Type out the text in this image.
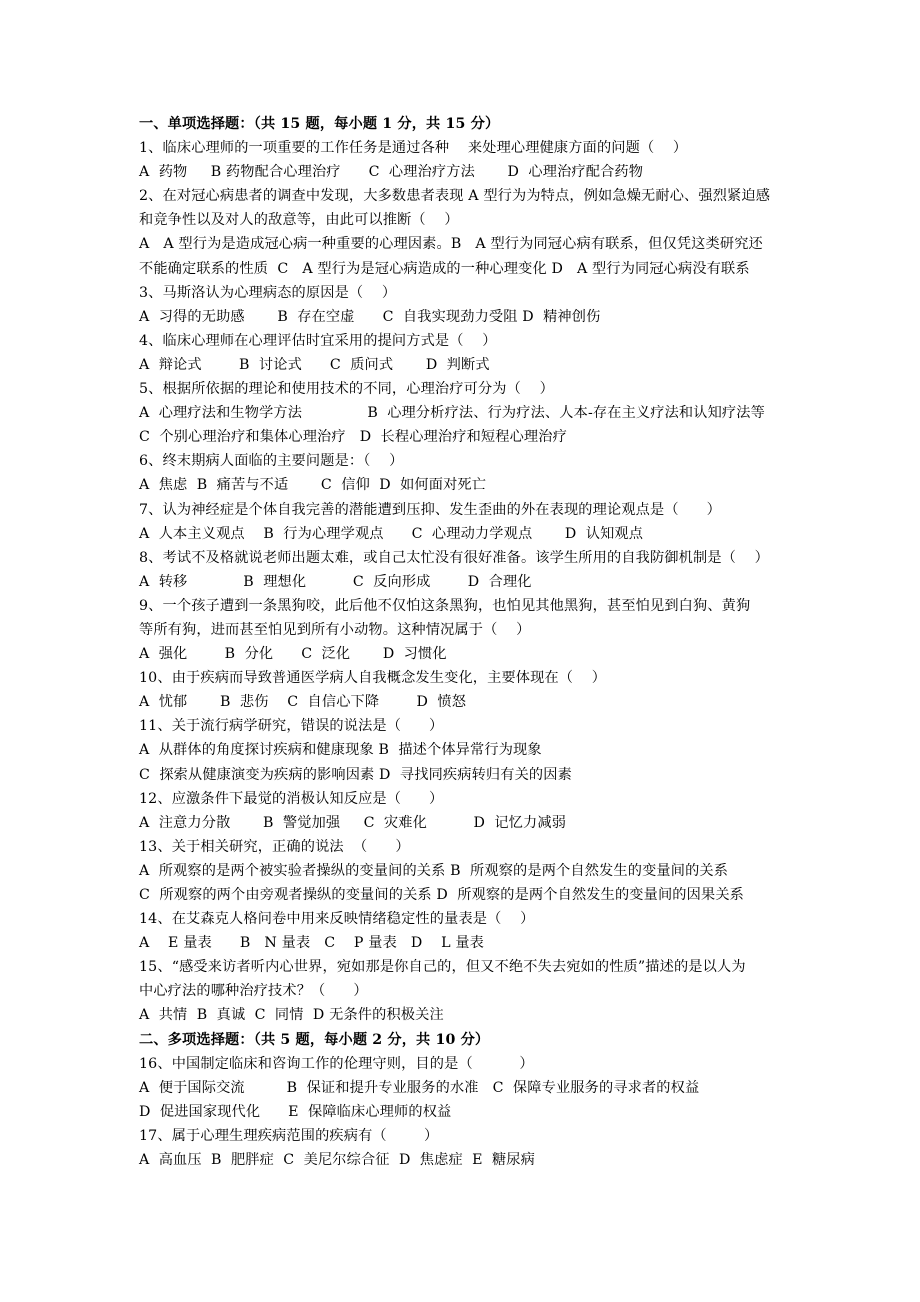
一、单项选择题：（共 15 题，每小题 1 分，共 15 分）
1、临床心理师的一项重要的工作任务是通过各种    来处理心理健康方面的问题（    ）
A  药物     B 药物配合心理治疗      C  心理治疗方法       D  心理治疗配合药物
2、在对冠心病患者的调查中发现，大多数患者表现 A 型行为为特点，例如急燥无耐心、强烈紧迫感
和竞争性以及对人的敌意等，由此可以推断（    ）
A   A 型行为是造成冠心病一种重要的心理因素。B   A 型行为同冠心病有联系，但仅凭这类研究还
不能确定联系的性质  C   A 型行为是冠心病造成的一种心理变化 D   A 型行为同冠心病没有联系
3、马斯洛认为心理病态的原因是（    ）
A  习得的无助感       B  存在空虚      C  自我实现劲力受阻 D  精神创伤
4、临床心理师在心理评估时宜采用的提问方式是（    ）
A  辩论式        B  讨论式      C  质问式       D  判断式
5、根据所依据的理论和使用技术的不同，心理治疗可分为（    ）
A  心理疗法和生物学方法              B  心理分析疗法、行为疗法、人本-存在主义疗法和认知疗法等
C  个别心理治疗和集体心理治疗   D  长程心理治疗和短程心理治疗
6、终末期病人面临的主要问题是：（    ）
A  焦虑  B  痛苦与不适       C  信仰  D  如何面对死亡
7、认为神经症是个体自我完善的潜能遭到压抑、发生歪曲的外在表现的理论观点是（      ）
A  人本主义观点    B  行为心理学观点      C  心理动力学观点       D  认知观点
8、考试不及格就说老师出题太难，或自己太忙没有很好准备。该学生所用的自我防御机制是（    ）
A  转移            B  理想化          C  反向形成        D  合理化
9、一个孩子遭到一条黑狗咬，此后他不仅怕这条黑狗，也怕见其他黑狗，甚至怕见到白狗、黄狗
等所有狗，进而甚至怕见到所有小动物。这种情况属于（    ）
A  强化        B  分化      C  泛化       D  习惯化
10、由于疾病而导致普通医学病人自我概念发生变化，主要体现在（    ）
A  忧郁       B  悲伤    C  自信心下降        D  愤怒
11、关于流行病学研究，错误的说法是（      ）
A  从群体的角度探讨疾病和健康现象 B  描述个体异常行为现象
C  探索从健康演变为疾病的影响因素 D  寻找同疾病转归有关的因素
12、应激条件下最觉的消极认知反应是（      ）
A  注意力分散       B  警觉加强     C  灾难化          D  记忆力减弱
13、关于相关研究，正确的说法  （      ）
A  所观察的是两个被实验者操纵的变量间的关系 B  所观察的是两个自然发生的变量间的关系
C  所观察的两个由旁观者操纵的变量间的关系 D  所观察的是两个自然发生的变量间的因果关系
14、在艾森克人格问卷中用来反映情绪稳定性的量表是（    ）
A    E 量表      B   N 量表   C    P 量表   D    L 量表
15、“感受来访者听内心世界，宛如那是你自己的，但又不绝不失去宛如的性质”描述的是以人为
中心疗法的哪种治疗技术？（      ）
A  共情  B  真诚  C  同情  D 无条件的积极关注
二、多项选择题：（共 5 题，每小题 2 分，共 10 分）
16、中国制定临床和咨询工作的伦理守则，目的是（          ）
A  便于国际交流         B  保证和提升专业服务的水准   C  保障专业服务的寻求者的权益
D  促进国家现代化      E  保障临床心理师的权益
17、属于心理生理疾病范围的疾病有（        ）
A  高血压  B  肥胖症  C  美尼尔综合征  D  焦虑症  E  糖尿病
